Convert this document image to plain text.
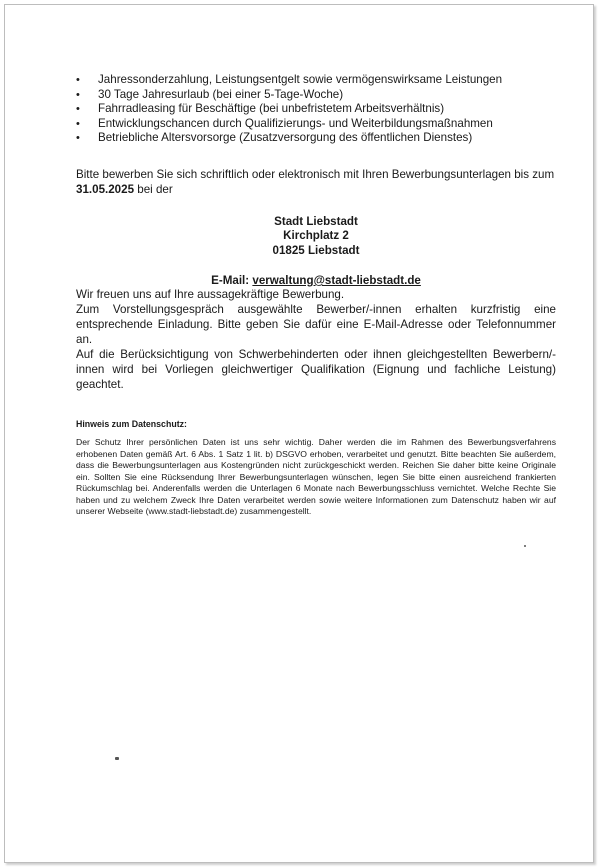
• Jahressonderzahlung, Leistungsentgelt sowie vermögenswirksame Leistungen
• 30 Tage Jahresurlaub (bei einer 5-Tage-Woche)
• Fahrradleasing für Beschäftige (bei unbefristetem Arbeitsverhältnis)
• Entwicklungschancen durch Qualifizierungs- und Weiterbildungsmaßnahmen
• Betriebliche Altersvorsorge (Zusatzversorgung des öffentlichen Dienstes)
Bitte bewerben Sie sich schriftlich oder elektronisch mit Ihren Bewerbungsunterlagen bis zum
31.05.2025 bei der
Stadt Liebstadt
Kirchplatz 2
01825 Liebstadt
E-Mail: verwaltung@stadt-liebstadt.de

Wir freuen uns auf Ihre aussagekräftige Bewerbung.

Zum Vorstellungsgespräch ausgewählte Bewerber/-innen erhalten kurzfristig eine entsprechende Einladung. Bitte geben Sie dafür eine E-Mail-Adresse oder Telefonnummer an.

Auf die Berücksichtigung von Schwerbehinderten oder ihnen gleichgestellten Bewerbern/-innen wird bei Vorliegen gleichwertiger Qualifikation (Eignung und fachliche Leistung) geachtet.

Hinweis zum Datenschutz:
Der Schutz Ihrer persönlichen Daten ist uns sehr wichtig. Daher werden die im Rahmen des Bewerbungsverfahrens erhobenen Daten gemäß Art. 6 Abs. 1 Satz 1 lit. b) DSGVO erhoben, verarbeitet und genutzt. Bitte beachten Sie außerdem, dass die Bewerbungsunterlagen aus Kostengründen nicht zurückgeschickt werden. Reichen Sie daher bitte keine Originale ein. Sollten Sie eine Rücksendung Ihrer Bewerbungsunterlagen wünschen, legen Sie bitte einen ausreichend frankierten Rückumschlag bei. Anderenfalls werden die Unterlagen 6 Monate nach Bewerbungsschluss vernichtet. Welche Rechte Sie haben und zu welchem Zweck Ihre Daten verarbeitet werden sowie weitere Informationen zum Datenschutz haben wir auf unserer Webseite (www.stadt-liebstadt.de) zusammengestellt.
